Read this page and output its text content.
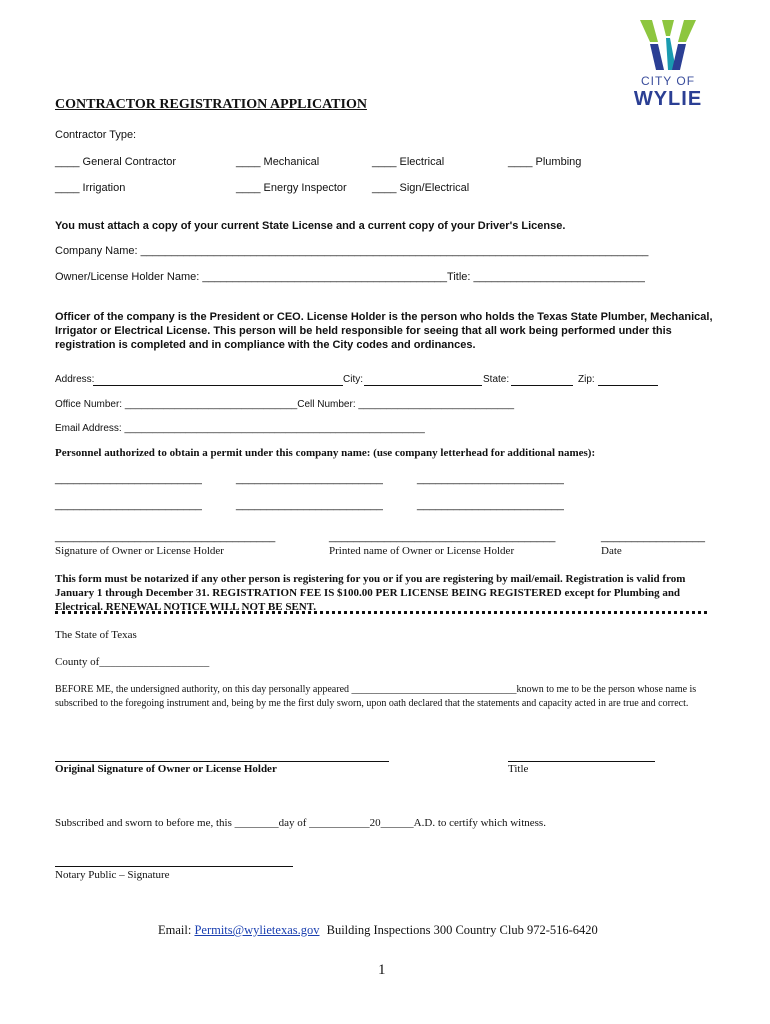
CITY OF
WYLIE
CONTRACTOR REGISTRATION APPLICATION
Contractor Type:
____ General Contractor	____ Mechanical	____ Electrical	____ Plumbing
____ Irrigation	____ Energy Inspector ____ Sign/Electrical
You must attach a copy of your current State License and a current copy of your Driver's License.
Company Name: ___________________________________________________________________________________
Owner/License Holder Name: ________________________________________Title: ____________________________
Officer of the company is the President or CEO. License Holder is the person who holds the Texas State Plumber, Mechanical, Irrigator or Electrical License. This person will be held responsible for seeing that all work being performed under this registration is completed and in compliance with the City codes and ordinances.
Address:	City:	State:	Zip:
Office Number: _______________________________Cell Number: ____________________________
Email Address: ______________________________________________________
Personnel authorized to obtain a permit under this company name: (use company letterhead for additional names):
________________________	________________________	________________________
________________________	________________________	________________________
____________________________________
Signature of Owner or License Holder
_____________________________________
Printed name of Owner or License Holder
_________________
Date
This form must be notarized if any other person is registering for you or if you are registering by mail/email. Registration is valid from January 1 through December 31. REGISTRATION FEE IS $100.00 PER LICENSE BEING REGISTERED except for Plumbing and Electrical. RENEWAL NOTICE WILL NOT BE SENT.
The State of Texas
County of____________________
BEFORE ME, the undersigned authority, on this day personally appeared _________________________________known to me to be the person whose name is subscribed to the foregoing instrument and, being by me the first duly sworn, upon oath declared that the statements and capacity acted in are true and correct.
Original Signature of Owner or License Holder	Title
Subscribed and sworn to before me, this ________day of ___________20______A.D. to certify which witness.
Notary Public – Signature
Email: Permits@wylietexas.gov Building Inspections 300 Country Club 972-516-6420
1
